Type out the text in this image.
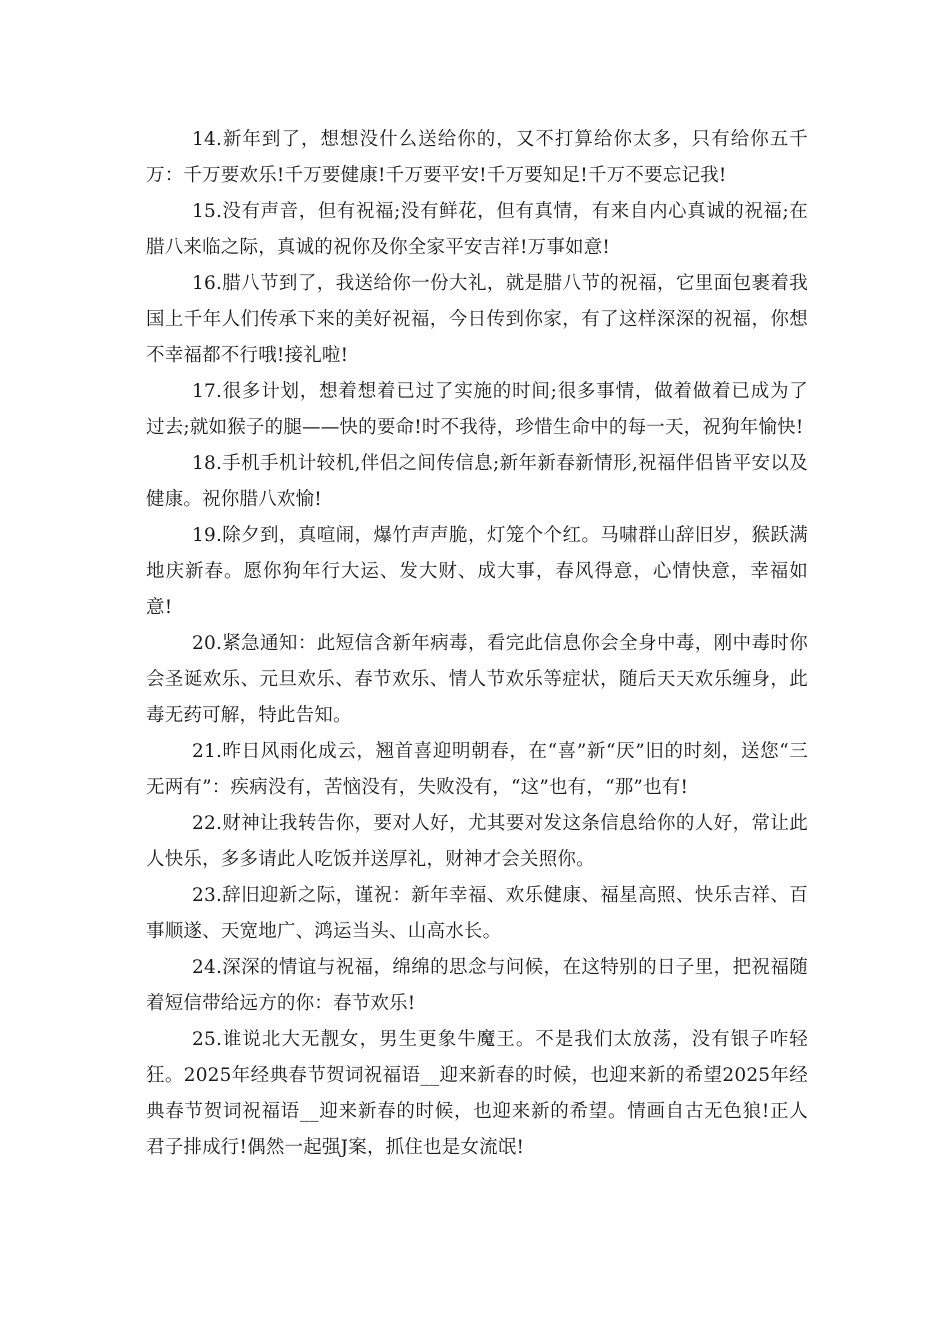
14.新年到了，想想没什么送给你的，又不打算给你太多，只有给你五千万：千万要欢乐!千万要健康!千万要平安!千万要知足!千万不要忘记我!

15.没有声音，但有祝福;没有鲜花，但有真情，有来自内心真诚的祝福;在腊八来临之际，真诚的祝你及你全家平安吉祥!万事如意!

16.腊八节到了，我送给你一份大礼，就是腊八节的祝福，它里面包裹着我国上千年人们传承下来的美好祝福，今日传到你家，有了这样深深的祝福，你想不幸福都不行哦!接礼啦!

17.很多计划，想着想着已过了实施的时间;很多事情，做着做着已成为了过去;就如猴子的腿——快的要命!时不我待，珍惜生命中的每一天，祝狗年愉快!

18.手机手机计较机,伴侣之间传信息;新年新春新情形,祝福伴侣皆平安以及健康。祝你腊八欢愉!

19.除夕到，真喧闹，爆竹声声脆，灯笼个个红。马啸群山辞旧岁，猴跃满地庆新春。愿你狗年行大运、发大财、成大事，春风得意，心情快意，幸福如意!

20.紧急通知：此短信含新年病毒，看完此信息你会全身中毒，刚中毒时你会圣诞欢乐、元旦欢乐、春节欢乐、情人节欢乐等症状，随后天天欢乐缠身，此毒无药可解，特此告知。

21.昨日风雨化成云，翘首喜迎明朝春，在“喜”新“厌”旧的时刻，送您“三无两有”：疾病没有，苦恼没有，失败没有，“这”也有，“那”也有!

22.财神让我转告你，要对人好，尤其要对发这条信息给你的人好，常让此人快乐，多多请此人吃饭并送厚礼，财神才会关照你。

23.辞旧迎新之际，谨祝：新年幸福、欢乐健康、福星高照、快乐吉祥、百事顺遂、天宽地广、鸿运当头、山高水长。

24.深深的情谊与祝福，绵绵的思念与问候，在这特别的日子里，把祝福随着短信带给远方的你：春节欢乐!

25.谁说北大无靓女，男生更象牛魔王。不是我们太放荡，没有银子咋轻狂。2025年经典春节贺词祝福语__迎来新春的时候，也迎来新的希望2025年经典春节贺词祝福语__迎来新春的时候，也迎来新的希望。情画自古无色狼!正人君子排成行!偶然一起强J案，抓住也是女流氓!
